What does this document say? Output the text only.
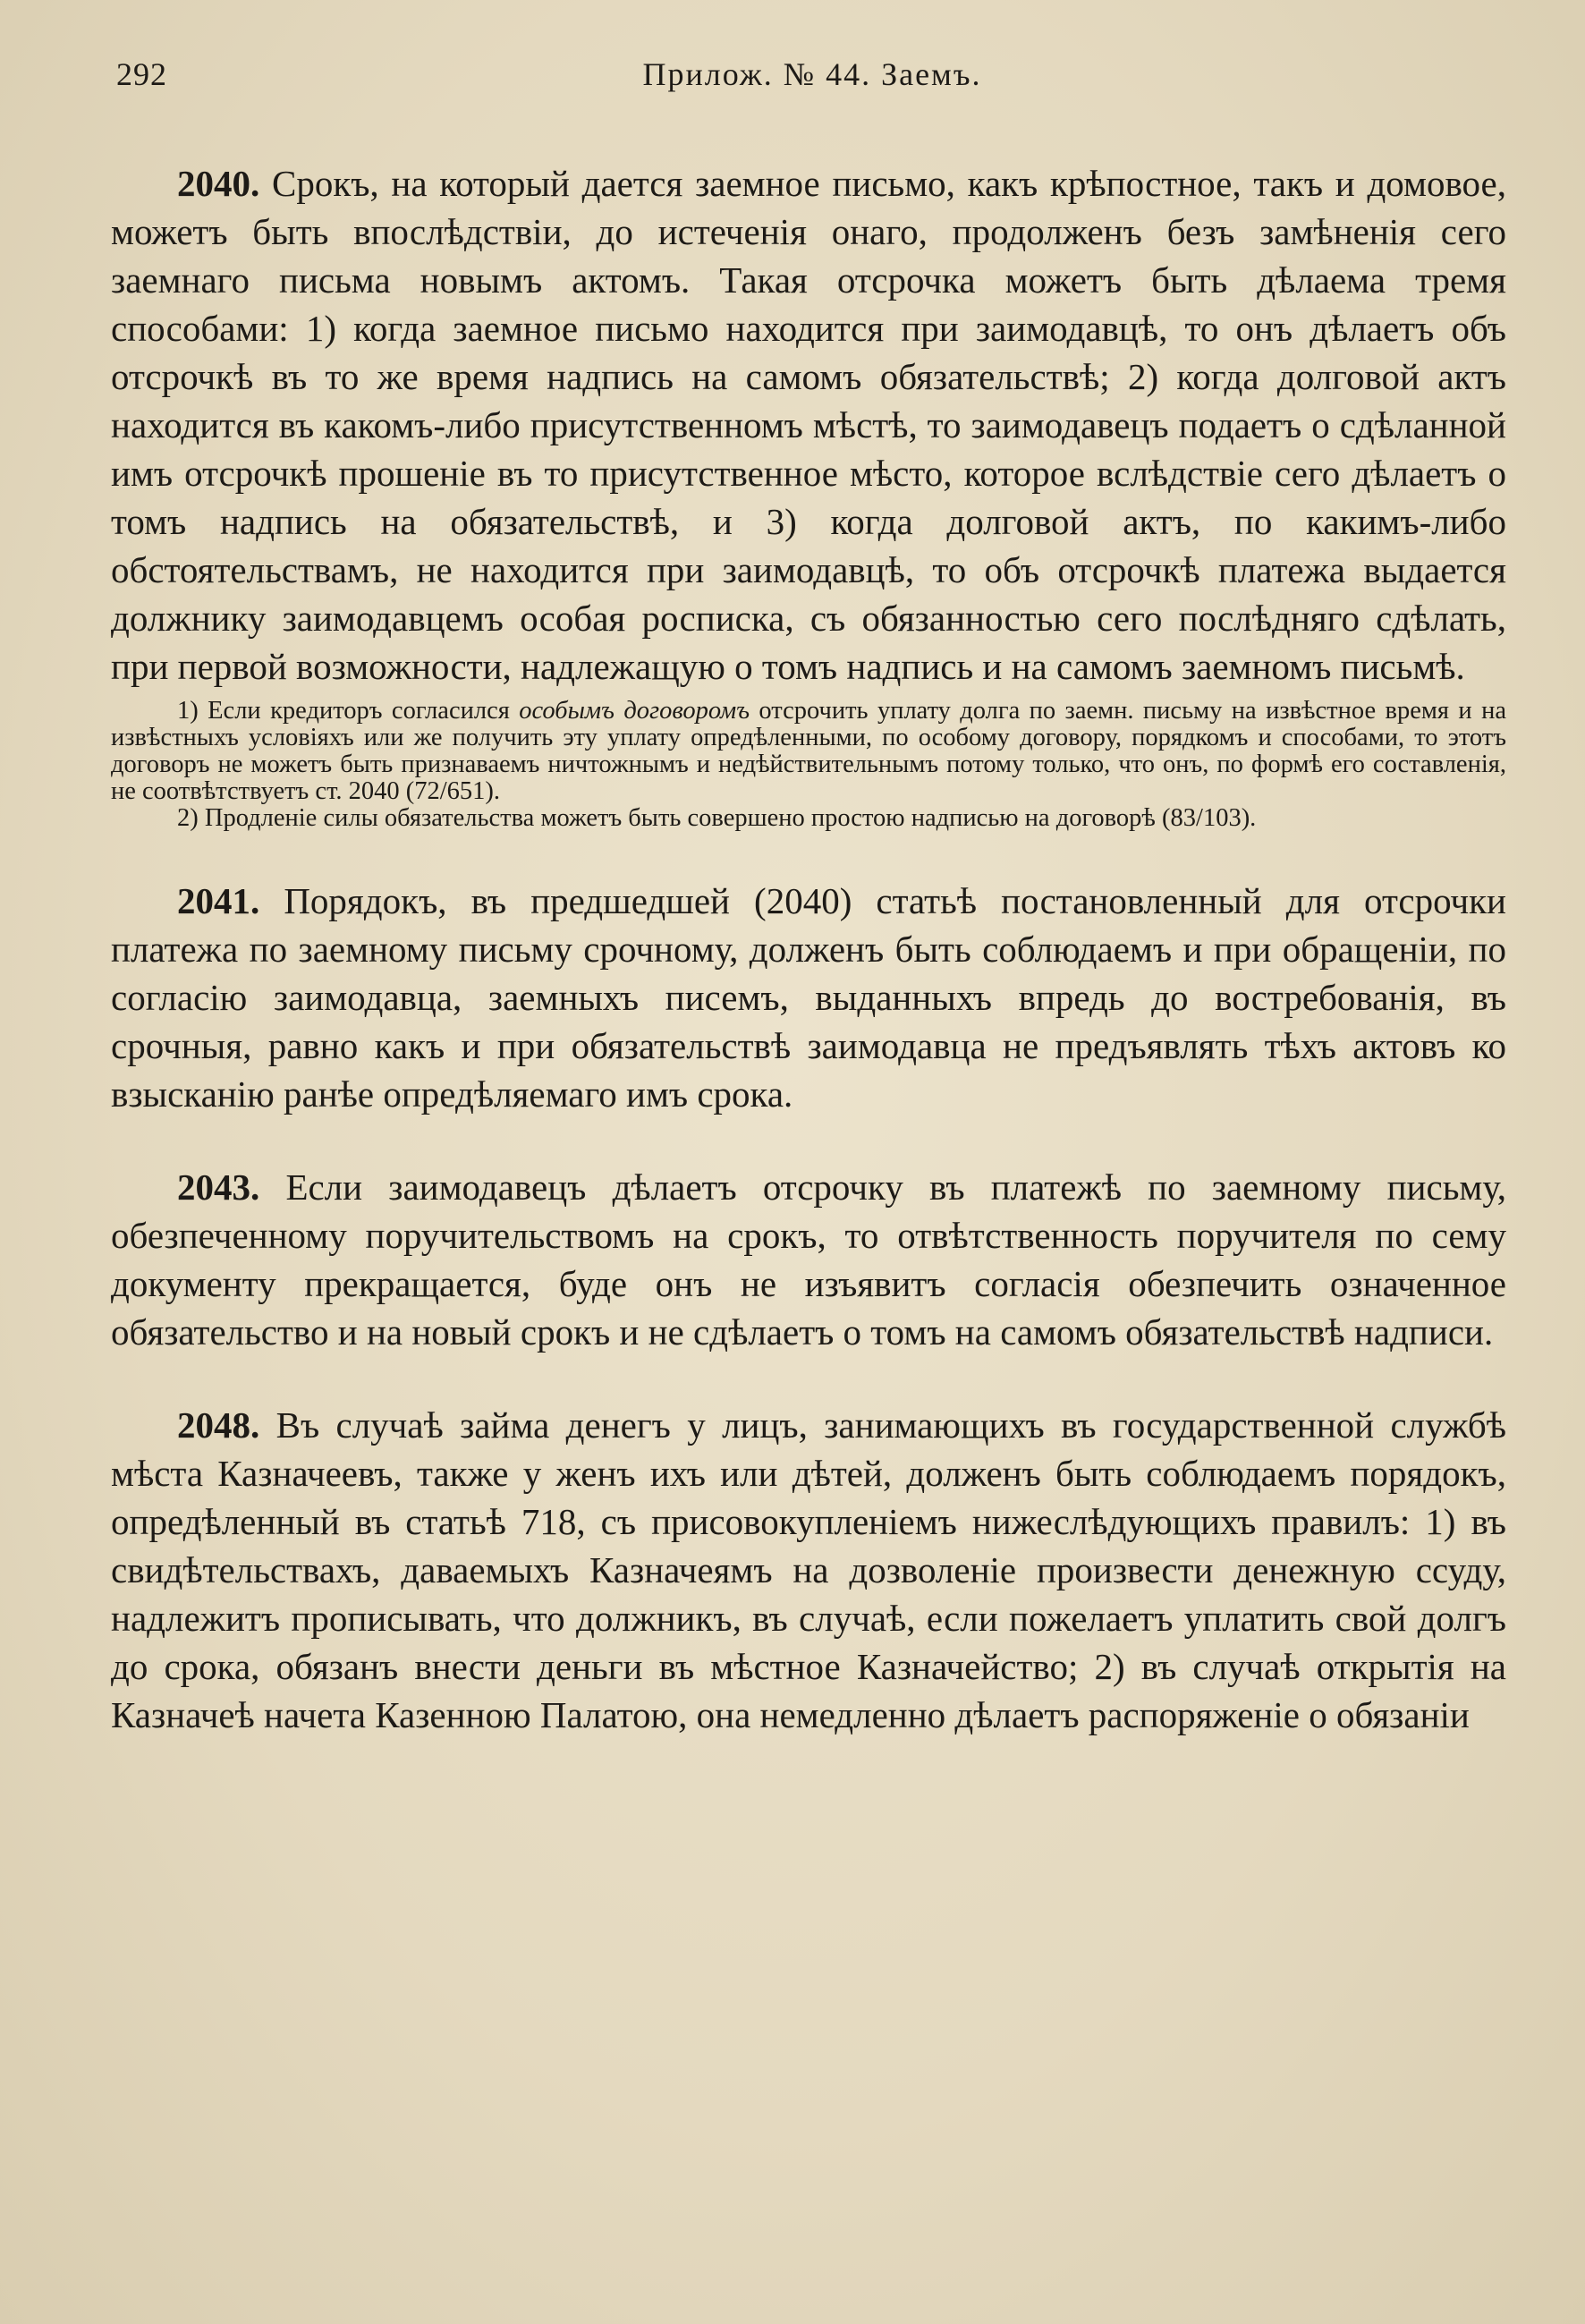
292	Прилож. № 44. Заемъ.

2040. Срокъ, на который дается заемное письмо, какъ крѣпостное, такъ и домовое, можетъ быть впослѣдствіи, до истеченія онаго, продолженъ безъ замѣненія сего заемнаго письма новымъ актомъ. Такая отсрочка можетъ быть дѣлаема тремя способами: 1) когда заемное письмо находится при заимодавцѣ, то онъ дѣлаетъ объ отсрочкѣ въ то же время надпись на самомъ обязательствѣ; 2) когда долговой актъ находится въ какомъ-либо присутственномъ мѣстѣ, то заимодавецъ подаетъ о сдѣланной имъ отсрочкѣ прошеніе въ то присутственное мѣсто, которое вслѣдствіе сего дѣлаетъ о томъ надпись на обязательствѣ, и 3) когда долговой актъ, по какимъ-либо обстоятельствамъ, не находится при заимодавцѣ, то объ отсрочкѣ платежа выдается должнику заимодавцемъ особая росписка, съ обязанностью сего послѣдняго сдѣлать, при первой возможности, надлежащую о томъ надпись и на самомъ заемномъ письмѣ.

1) Если кредиторъ согласился особымъ договоромъ отсрочить уплату долга по заемн. письму на извѣстное время и на извѣстныхъ условіяхъ или же получить эту уплату опредѣленными, по особому договору, порядкомъ и способами, то этотъ договоръ не можетъ быть признаваемъ ничтожнымъ и недѣйствительнымъ потому только, что онъ, по формѣ его составленія, не соотвѣтствуетъ ст. 2040 (72/651).

2) Продленіе силы обязательства можетъ быть совершено простою надписью на договорѣ (83/103).

2041. Порядокъ, въ предшедшей (2040) статьѣ постановленный для отсрочки платежа по заемному письму срочному, долженъ быть соблюдаемъ и при обращеніи, по согласію заимодавца, заемныхъ писемъ, выданныхъ впредь до востребованія, въ срочныя, равно какъ и при обязательствѣ заимодавца не предъявлять тѣхъ актовъ ко взысканію ранѣе опредѣляемаго имъ срока.

2043. Если заимодавецъ дѣлаетъ отсрочку въ платежѣ по заемному письму, обезпеченному поручительствомъ на срокъ, то отвѣтственность поручителя по сему документу прекращается, буде онъ не изъявитъ согласія обезпечить означенное обязательство и на новый срокъ и не сдѣлаетъ о томъ на самомъ обязательствѣ надписи.

2048. Въ случаѣ займа денегъ у лицъ, занимающихъ въ государственной службѣ мѣста Казначеевъ, также у женъ ихъ или дѣтей, долженъ быть соблюдаемъ порядокъ, опредѣленный въ статьѣ 718, съ присовокупленіемъ нижеслѣдующихъ правилъ: 1) въ свидѣтельствахъ, даваемыхъ Казначеямъ на дозволеніе произвести денежную ссуду, надлежитъ прописывать, что должникъ, въ случаѣ, если пожелаетъ уплатить свой долгъ до срока, обязанъ внести деньги въ мѣстное Казначейство; 2) въ случаѣ открытія на Казначеѣ начета Казенною Палатою, она немедленно дѣлаетъ распоряженіе о обязаніи
